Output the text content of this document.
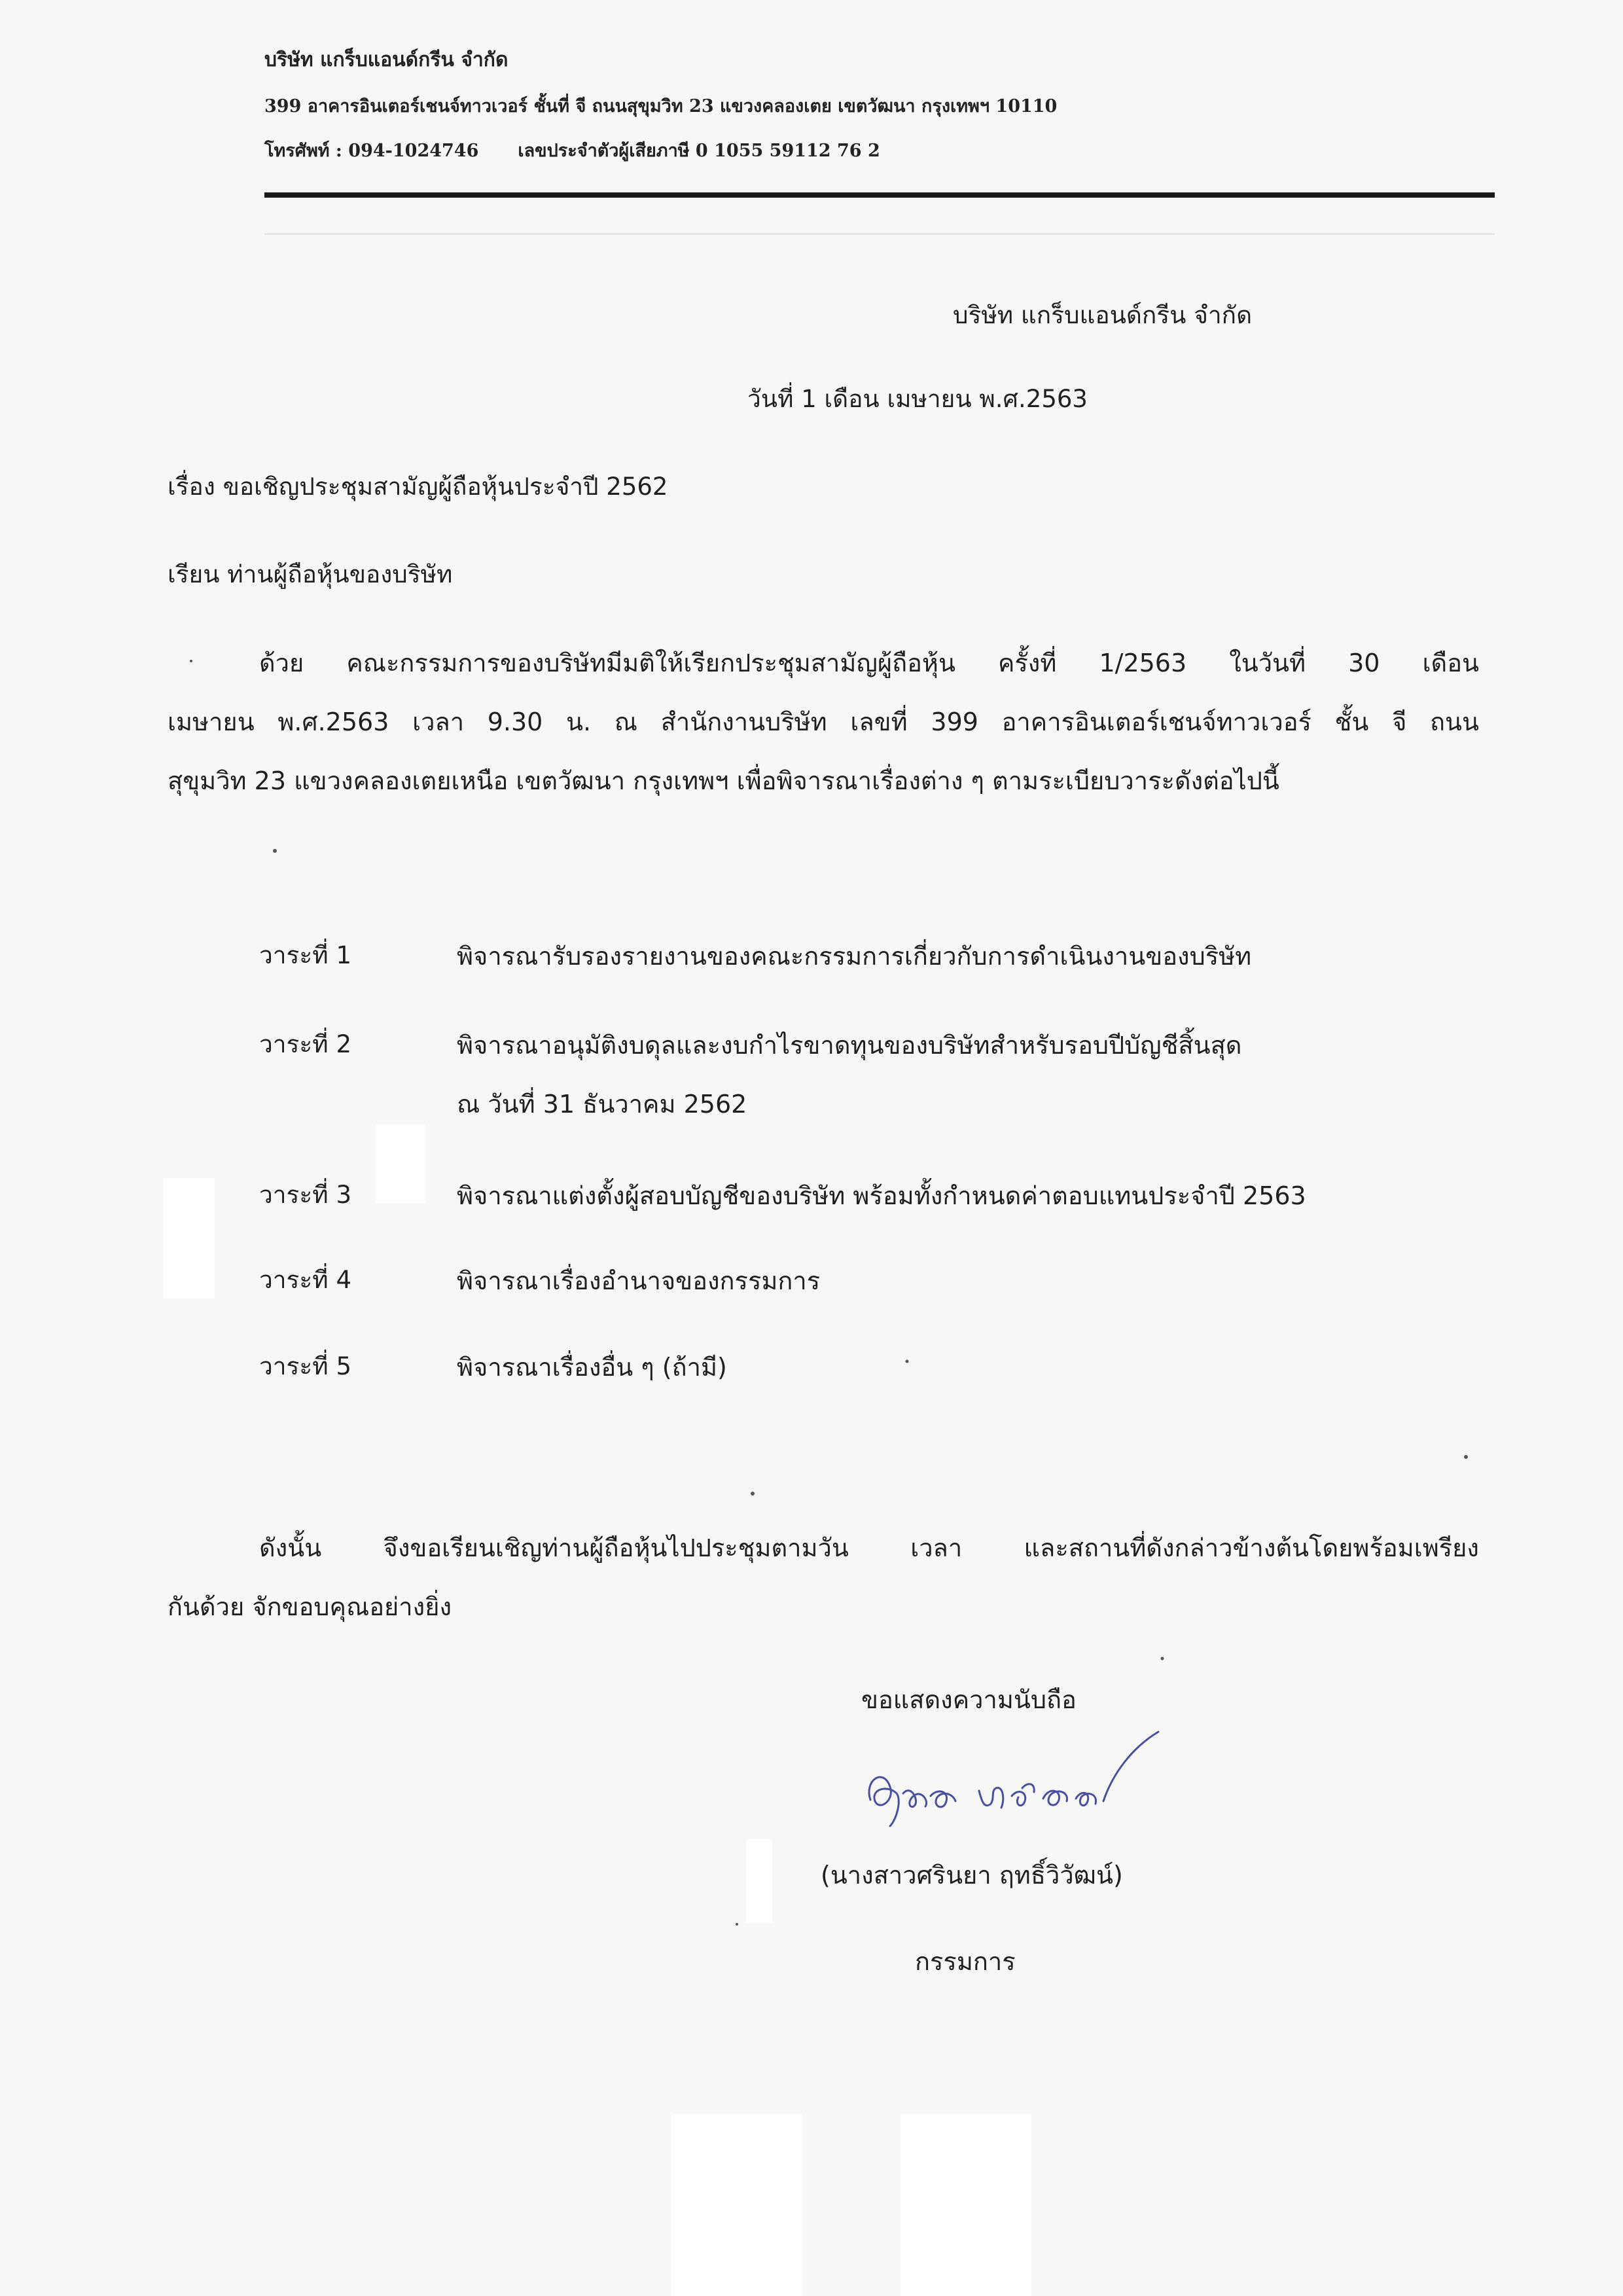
บริษัท แกร็บแอนด์กรีน จำกัด
399 อาคารอินเตอร์เชนจ์ทาวเวอร์ ชั้นที่ จี ถนนสุขุมวิท 23 แขวงคลองเตย เขตวัฒนา กรุงเทพฯ 10110
โทรศัพท์ : 094-1024746 เลขประจำตัวผู้เสียภาษี 0 1055 59112 76 2
บริษัท แกร็บแอนด์กรีน จำกัด
วันที่ 1 เดือน เมษายน พ.ศ.2563
เรื่อง ขอเชิญประชุมสามัญผู้ถือหุ้นประจำปี 2562
เรียน ท่านผู้ถือหุ้นของบริษัท
ด้วย คณะกรรมการของบริษัทมีมติให้เรียกประชุมสามัญผู้ถือหุ้น ครั้งที่ 1/2563 ในวันที่ 30 เดือน
เมษายน พ.ศ.2563 เวลา 9.30 น. ณ สำนักงานบริษัท เลขที่ 399 อาคารอินเตอร์เชนจ์ทาวเวอร์ ชั้น จี ถนน
สุขุมวิท 23 แขวงคลองเตยเหนือ เขตวัฒนา กรุงเทพฯ เพื่อพิจารณาเรื่องต่าง ๆ ตามระเบียบวาระดังต่อไปนี้
วาระที่ 1	พิจารณารับรองรายงานของคณะกรรมการเกี่ยวกับการดำเนินงานของบริษัท
วาระที่ 2	พิจารณาอนุมัติงบดุลและงบกำไรขาดทุนของบริษัทสำหรับรอบปีบัญชีสิ้นสุด
ณ วันที่ 31 ธันวาคม 2562
วาระที่ 3	พิจารณาแต่งตั้งผู้สอบบัญชีของบริษัท พร้อมทั้งกำหนดค่าตอบแทนประจำปี 2563
วาระที่ 4	พิจารณาเรื่องอำนาจของกรรมการ
วาระที่ 5	พิจารณาเรื่องอื่น ๆ (ถ้ามี)
ดังนั้น จึงขอเรียนเชิญท่านผู้ถือหุ้นไปประชุมตามวัน เวลา และสถานที่ดังกล่าวข้างต้นโดยพร้อมเพรียง
กันด้วย จักขอบคุณอย่างยิ่ง
ขอแสดงความนับถือ
(นางสาวศรินยา ฤทธิ์วิวัฒน์)
กรรมการ
